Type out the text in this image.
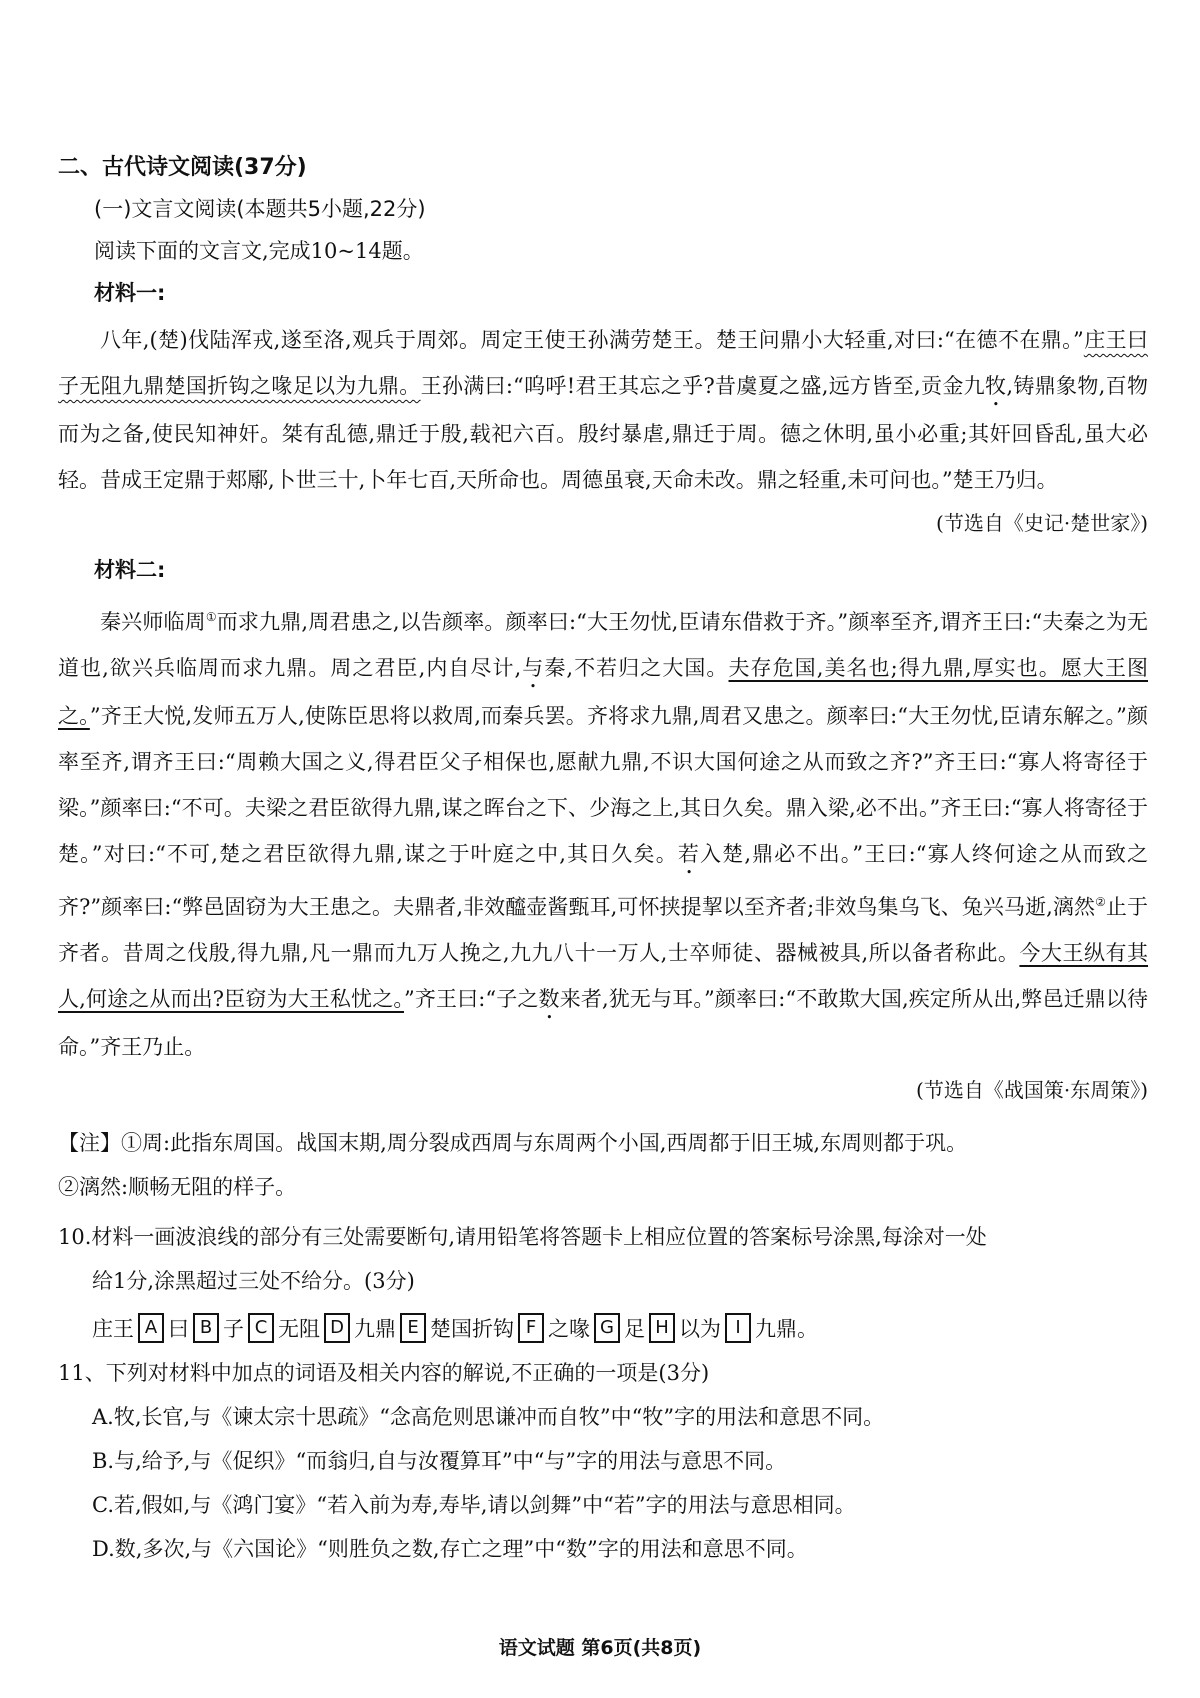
二、古代诗文阅读(37分)
(一)文言文阅读(本题共5小题,22分)
阅读下面的文言文,完成10~14题。
材料一:

八年,(楚)伐陆浑戎,遂至洛,观兵于周郊。周定王使王孙满劳楚王。楚王问鼎小大轻重,对曰:“在德不在鼎。”庄王曰子无阻九鼎楚国折钩之喙足以为九鼎。王孙满曰:“呜呼!君王其忘之乎?昔虞夏之盛,远方皆至,贡金九牧,铸鼎象物,百物而为之备,使民知神奸。桀有乱德,鼎迁于殷,载祀六百。殷纣暴虐,鼎迁于周。德之休明,虽小必重;其奸回昏乱,虽大必轻。昔成王定鼎于郏鄏,卜世三十,卜年七百,天所命也。周德虽衰,天命未改。鼎之轻重,未可问也。”楚王乃归。

(节选自《史记·楚世家》)
材料二:

秦兴师临周①而求九鼎,周君患之,以告颜率。颜率曰:“大王勿忧,臣请东借救于齐。”颜率至齐,谓齐王曰:“夫秦之为无道也,欲兴兵临周而求九鼎。周之君臣,内自尽计,与秦,不若归之大国。夫存危国,美名也;得九鼎,厚实也。愿大王图之。”齐王大悦,发师五万人,使陈臣思将以救周,而秦兵罢。齐将求九鼎,周君又患之。颜率曰:“大王勿忧,臣请东解之。”颜率至齐,谓齐王曰:“周赖大国之义,得君臣父子相保也,愿献九鼎,不识大国何途之从而致之齐?”齐王曰:“寡人将寄径于梁。”颜率曰:“不可。夫梁之君臣欲得九鼎,谋之晖台之下、少海之上,其日久矣。鼎入梁,必不出。”齐王曰:“寡人将寄径于楚。”对曰:“不可,楚之君臣欲得九鼎,谋之于叶庭之中,其日久矣。若入楚,鼎必不出。”王曰:“寡人终何途之从而致之齐?”颜率曰:“弊邑固窃为大王患之。夫鼎者,非效醯壶酱甄耳,可怀挟提挈以至齐者;非效鸟集乌飞、兔兴马逝,漓然②止于齐者。昔周之伐殷,得九鼎,凡一鼎而九万人挽之,九九八十一万人,士卒师徒、器械被具,所以备者称此。今大王纵有其人,何途之从而出?臣窃为大王私忧之。”齐王曰:“子之数来者,犹无与耳。”颜率曰:“不敢欺大国,疾定所从出,弊邑迁鼎以待命。”齐王乃止。

(节选自《战国策·东周策》)
【注】①周:此指东周国。战国末期,周分裂成西周与东周两个小国,西周都于旧王城,东周则都于巩。
②漓然:顺畅无阻的样子。
10.材料一画波浪线的部分有三处需要断句,请用铅笔将答题卡上相应位置的答案标号涂黑,每涂对一处
给1分,涂黑超过三处不给分。(3分)
庄王 A 曰 B 子 C 无阻 D 九鼎 E 楚国折钩 F 之喙 G 足 H 以为 I 九鼎。
11、下列对材料中加点的词语及相关内容的解说,不正确的一项是(3分)
A.牧,长官,与《谏太宗十思疏》“念高危则思谦冲而自牧”中“牧”字的用法和意思不同。
B.与,给予,与《促织》“而翁归,自与汝覆算耳”中“与”字的用法与意思不同。
C.若,假如,与《鸿门宴》“若入前为寿,寿毕,请以剑舞”中“若”字的用法与意思相同。
D.数,多次,与《六国论》“则胜负之数,存亡之理”中“数”字的用法和意思不同。
语文试题 第6页(共8页)
